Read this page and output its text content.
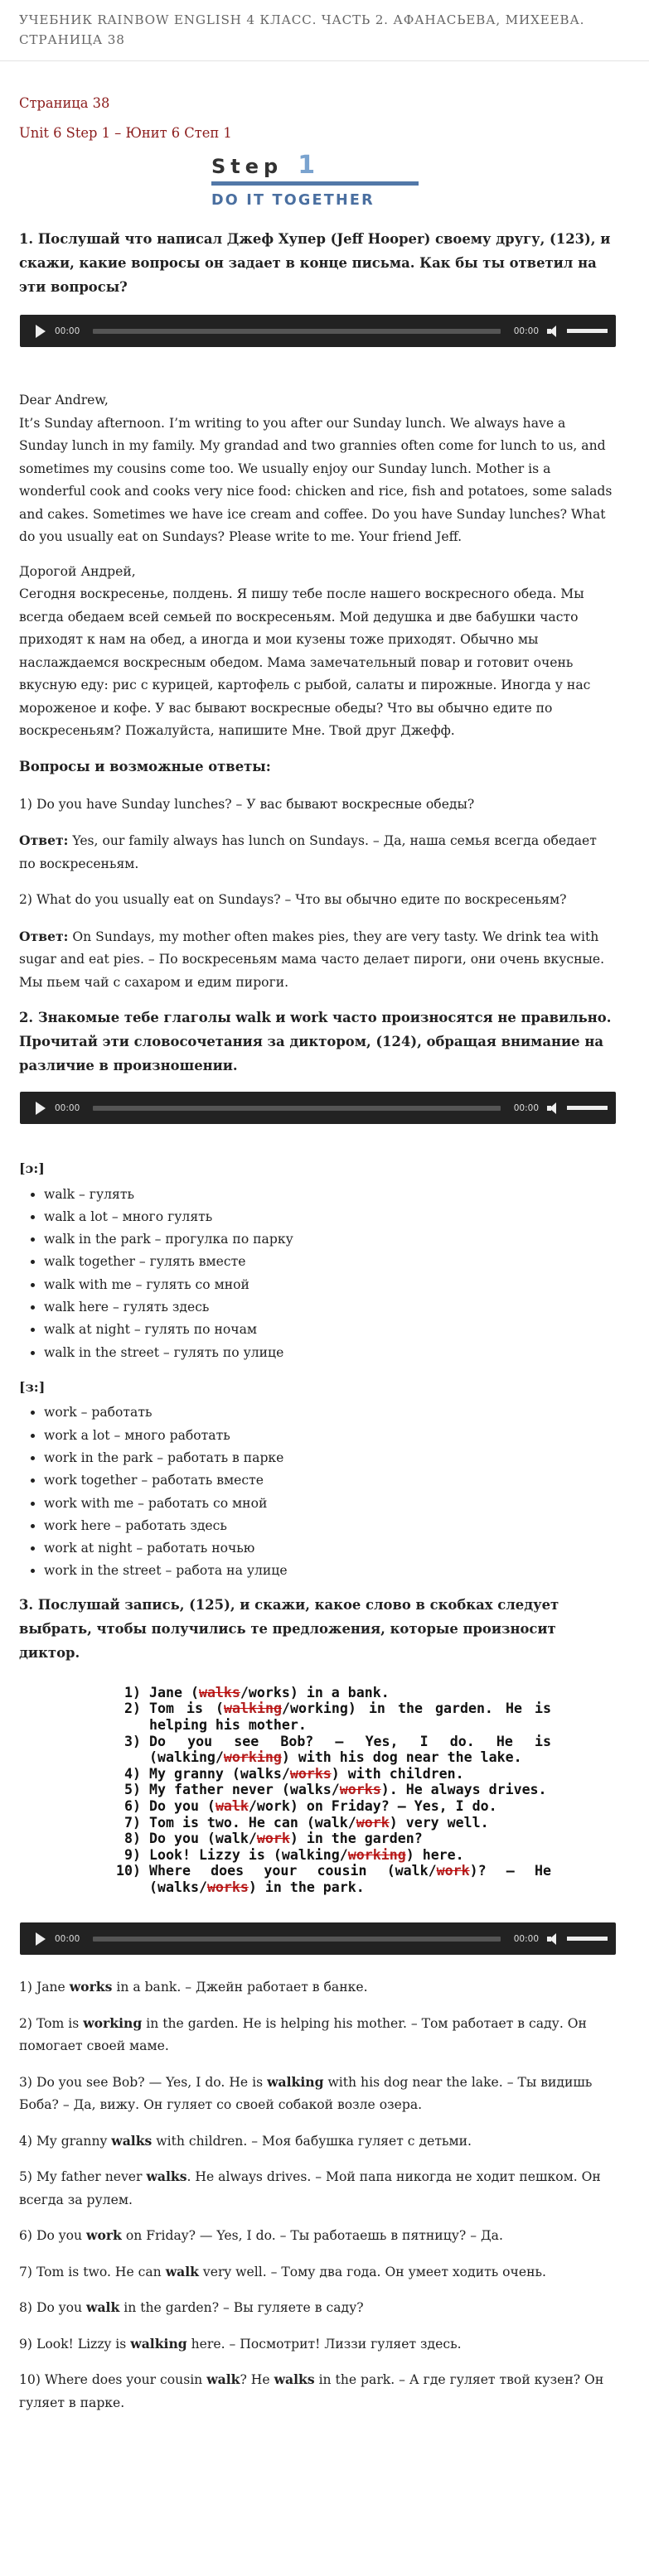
УЧЕБНИК RAINBOW ENGLISH 4 КЛАСС. ЧАСТЬ 2. АФАНАСЬЕВА, МИХЕЕВА. СТРАНИЦА 38
Страница 38
Unit 6 Step 1 – Юнит 6 Степ 1
Step 1
DO IT TOGETHER

1. Послушай что написал Джеф Хупер (Jeff Hooper) своему другу, (123), и скажи, какие вопросы он задает в конце письма. Как бы ты ответил на эти вопросы?

00:00	00:00

Dear Andrew,

It’s Sunday afternoon. I’m writing to you after our Sunday lunch. We always have a Sunday lunch in my family. My grandad and two grannies often come for lunch to us, and sometimes my cousins come too. We usually enjoy our Sunday lunch. Mother is a wonderful cook and cooks very nice food: chicken and rice, fish and potatoes, some salads and cakes. Sometimes we have ice cream and coffee. Do you have Sunday lunches? What do you usually eat on Sundays? Please write to me. Your friend Jeff.

Дорогой Андрей,

Сегодня воскресенье, полдень. Я пишу тебе после нашего воскресного обеда. Мы всегда обедаем всей семьей по воскресеньям. Мой дедушка и две бабушки часто приходят к нам на обед, а иногда и мои кузены тоже приходят. Обычно мы наслаждаемся воскресным обедом. Мама замечательный повар и готовит очень вкусную еду: рис с курицей, картофель с рыбой, салаты и пирожные. Иногда у нас мороженое и кофе. У вас бывают воскресные обеды? Что вы обычно едите по воскресеньям? Пожалуйста, напишите Мне. Твой друг Джефф.

Вопросы и возможные ответы:

1) Do you have Sunday lunches? – У вас бывают воскресные обеды?

Ответ: Yes, our family always has lunch on Sundays. – Да, наша семья всегда обедает по воскресеньям.

2) What do you usually eat on Sundays? – Что вы обычно едите по воскресеньям?

Ответ: On Sundays, my mother often makes pies, they are very tasty. We drink tea with sugar and eat pies. – По воскресеньям мама часто делает пироги, они очень вкусные. Мы пьем чай с сахаром и едим пироги.

2. Знакомые тебе глаголы walk и work часто произносятся не правильно. Прочитай эти словосочетания за диктором, (124), обращая внимание на различие в произношении.

00:00	00:00

[ɔ:]

• walk – гулять
• walk a lot – много гулять
• walk in the park – прогулка по парку
• walk together – гулять вместе
• walk with me – гулять со мной
• walk here – гулять здесь
• walk at night – гулять по ночам
• walk in the street – гулять по улице

[з:]

• work – работать
• work a lot – много работать
• work in the park – работать в парке
• work together – работать вместе
• work with me – работать со мной
• work here – работать здесь
• work at night – работать ночью
• work in the street – работа на улице

3. Послушай запись, (125), и скажи, какое слово в скобках следует выбрать, чтобы получились те предложения, которые произносит диктор.

1) Jane (walks/works) in a bank.
2) Tom is (walking/working) in the garden. He is helping his mother.
3) Do you see Bob? — Yes, I do. He is (walking/working) with his dog near the lake.
4) My granny (walks/works) with children.
5) My father never (walks/works). He always drives.
6) Do you (walk/work) on Friday? — Yes, I do.
7) Tom is two. He can (walk/work) very well.
8) Do you (walk/work) in the garden?
9) Look! Lizzy is (walking/working) here.
10) Where does your cousin (walk/work)? — He (walks/works) in the park.
00:00	00:00

1) Jane works in a bank. – Джейн работает в банке.

2) Tom is working in the garden. He is helping his mother. – Том работает в саду. Он помогает своей маме.

3) Do you see Bob? — Yes, I do. He is walking with his dog near the lake. – Ты видишь Боба? – Да, вижу. Он гуляет со своей собакой возле озера.

4) My granny walks with children. – Моя бабушка гуляет с детьми.

5) My father never walks. He always drives. – Мой папа никогда не ходит пешком. Он всегда за рулем.

6) Do you work on Friday? — Yes, I do. – Ты работаешь в пятницу? – Да.

7) Tom is two. He can walk very well. – Тому два года. Он умеет ходить очень.

8) Do you walk in the garden? – Вы гуляете в саду?

9) Look! Lizzy is walking here. – Посмотрит! Лиззи гуляет здесь.

10) Where does your cousin walk? He walks in the park. – А где гуляет твой кузен? Он гуляет в парке.
